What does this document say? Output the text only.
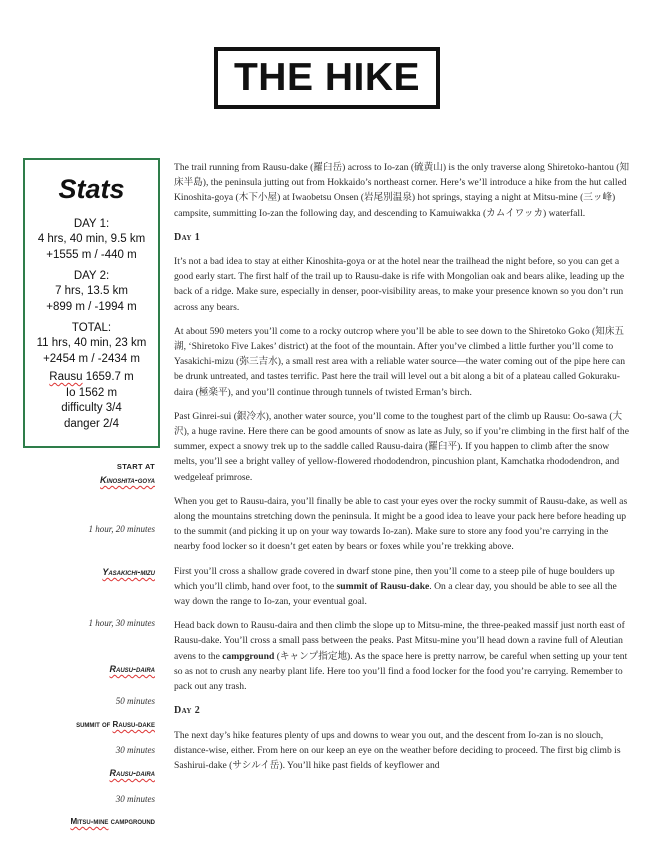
THE HIKE
Stats
DAY 1:
4 hrs, 40 min, 9.5 km
+1555 m / -440 m
DAY 2:
7 hrs, 13.5 km
+899 m / -1994 m
TOTAL:
11 hrs, 40 min, 23 km
+2454 m / -2434 m
Rausu 1659.7 m
Io 1562 m
difficulty 3/4
danger 2/4
START AT
Kinoshita-goya
1 hour, 20 minutes
Yasakichi-mizu
1 hour, 30 minutes
Rausu-daira
50 minutes
summit of Rausu-dake
30 minutes
Rausu-daira
30 minutes
Mitsu-mine campground

The trail running from Rausu-dake (羅臼岳) across to Io-zan (硫黄山) is the only traverse along Shiretoko-hantou (知床半島), the peninsula jutting out from Hokkaido’s northeast corner. Here’s we’ll introduce a hike from the hut called Kinoshita-goya (木下小屋) at Iwaobetsu Onsen (岩尾別温泉) hot springs, staying a night at Mitsu-mine (三ッ峰) campsite, summitting Io-zan the following day, and descending to Kamuiwakka (カムイワッカ) waterfall.

Day 1

It’s not a bad idea to stay at either Kinoshita-goya or at the hotel near the trailhead the night before, so you can get a good early start. The first half of the trail up to Rausu-dake is rife with Mongolian oak and bears alike, leading up the back of a ridge. Make sure, especially in denser, poor-visibility areas, to make your presence known so you don’t run across any bears.

At about 590 meters you’ll come to a rocky outcrop where you’ll be able to see down to the Shiretoko Goko (知床五湖, ‘Shiretoko Five Lakes’ district) at the foot of the mountain. After you’ve climbed a little further you’ll come to Yasakichi-mizu (弥三吉水), a small rest area with a reliable water source—the water coming out of the pipe here can be drunk untreated, and tastes terrific. Past here the trail will level out a bit along a bit of a plateau called Gokuraku-daira (極楽平), and you’ll continue through tunnels of twisted Erman’s birch.

Past Ginrei-sui (銀冷水), another water source, you’ll come to the toughest part of the climb up Rausu: Oo-sawa (大沢), a huge ravine. Here there can be good amounts of snow as late as July, so if you’re climbing in the first half of the summer, expect a snowy trek up to the saddle called Rausu-daira (羅臼平). If you happen to climb after the snow melts, you’ll see a bright valley of yellow-flowered rhododendron, pincushion plant, Kamchatka rhododendron, and wedgeleaf primrose.

When you get to Rausu-daira, you’ll finally be able to cast your eyes over the rocky summit of Rausu-dake, as well as along the mountains stretching down the peninsula. It might be a good idea to leave your pack here before heading up to the summit (and picking it up on your way towards Io-zan). Make sure to store any food you’re carrying in the nearby food locker so it doesn’t get eaten by bears or foxes while you’re trekking above.

First you’ll cross a shallow grade covered in dwarf stone pine, then you’ll come to a steep pile of huge boulders up which you’ll climb, hand over foot, to the summit of Rausu-dake. On a clear day, you should be able to see all the way down the range to Io-zan, your eventual goal.

Head back down to Rausu-daira and then climb the slope up to Mitsu-mine, the three-peaked massif just north east of Rausu-dake. You’ll cross a small pass between the peaks. Past Mitsu-mine you’ll head down a ravine full of Aleutian avens to the campground (キャンプ指定地). As the space here is pretty narrow, be careful when setting up your tent so as not to crush any nearby plant life. Here too you’ll find a food locker for the food you’re carrying. Remember to pack out any trash.

Day 2

The next day’s hike features plenty of ups and downs to wear you out, and the descent from Io-zan is no slouch, distance-wise, either. From here on our keep an eye on the weather before deciding to proceed. The first big climb is Sashirui-dake (サシルイ岳). You’ll hike past fields of keyflower and
